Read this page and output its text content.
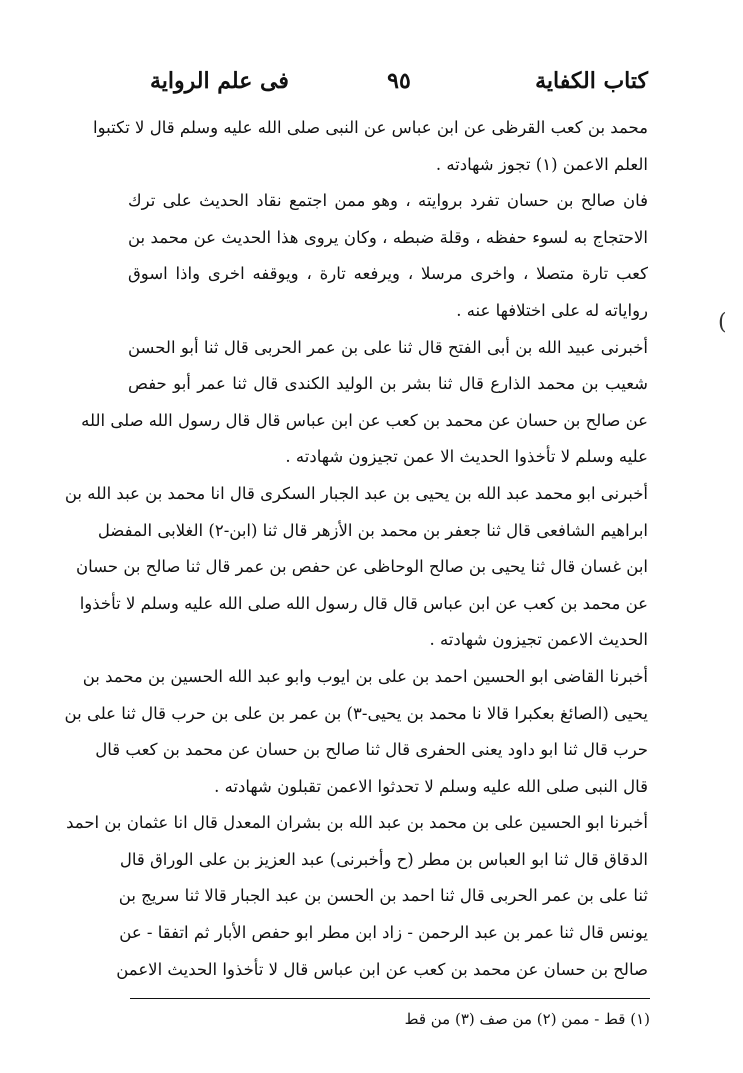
كتاب الكفاية
٩٥
فى علم الرواية
(
محمد بن كعب القرظى عن ابن عباس عن النبى صلى الله عليه وسلم قال لا تكتبوا
العلم الاعمن (١) تجوز شهادته .
فان صالح بن حسان تفرد بروايته ، وهو ممن اجتمع نقاد الحديث على ترك
الاحتجاج به لسوء حفظه ، وقلة ضبطه ، وكان يروى هذا الحديث عن محمد بن
كعب تارة متصلا ، واخرى مرسلا ، ويرفعه تارة ، ويوقفه اخرى واذا اسوق
رواياته له على اختلافها عنه .
أخبرنى عبيد الله بن أبى الفتح قال ثنا على بن عمر الحربى قال ثنا أبو الحسن
شعيب بن محمد الذارع قال ثنا بشر بن الوليد الكندى قال ثنا عمر أبو حفص
عن صالح بن حسان عن محمد بن كعب عن ابن عباس قال قال رسول الله صلى الله
عليه وسلم لا تأخذوا الحديث الا عمن تجيزون شهادته .
أخبرنى ابو محمد عبد الله بن يحيى بن عبد الجبار السكرى قال انا محمد بن عبد الله بن
ابراهيم الشافعى قال ثنا جعفر بن محمد بن الأزهر قال ثنا (ابن-٢) الغلابى المفضل
ابن غسان قال ثنا يحيى بن صالح الوحاظى عن حفص بن عمر قال ثنا صالح بن حسان
عن محمد بن كعب عن ابن عباس قال قال رسول الله صلى الله عليه وسلم لا تأخذوا
الحديث الاعمن تجيزون شهادته .
أخبرنا القاضى ابو الحسين احمد بن على بن ايوب وابو عبد الله الحسين بن محمد بن
يحيى (الصائغ بعكبرا قالا نا محمد بن يحيى-٣) بن عمر بن على بن حرب قال ثنا على بن
حرب قال ثنا ابو داود يعنى الحفرى قال ثنا صالح بن حسان عن محمد بن كعب قال
قال النبى صلى الله عليه وسلم لا تحدثوا الاعمن تقبلون شهادته .
أخبرنا ابو الحسين على بن محمد بن عبد الله بن بشران المعدل قال انا عثمان بن احمد
الدقاق قال ثنا ابو العباس بن مطر (ح وأخبرنى) عبد العزيز بن على الوراق قال
ثنا على بن عمر الحربى قال ثنا احمد بن الحسن بن عبد الجبار قالا ثنا سريج بن
يونس قال ثنا عمر بن عبد الرحمن - زاد ابن مطر ابو حفص الأبار ثم اتفقا - عن
صالح بن حسان عن محمد بن كعب عن ابن عباس قال لا تأخذوا الحديث الاعمن
(١) قط - ممن (٢) من صف (٣) من قط
